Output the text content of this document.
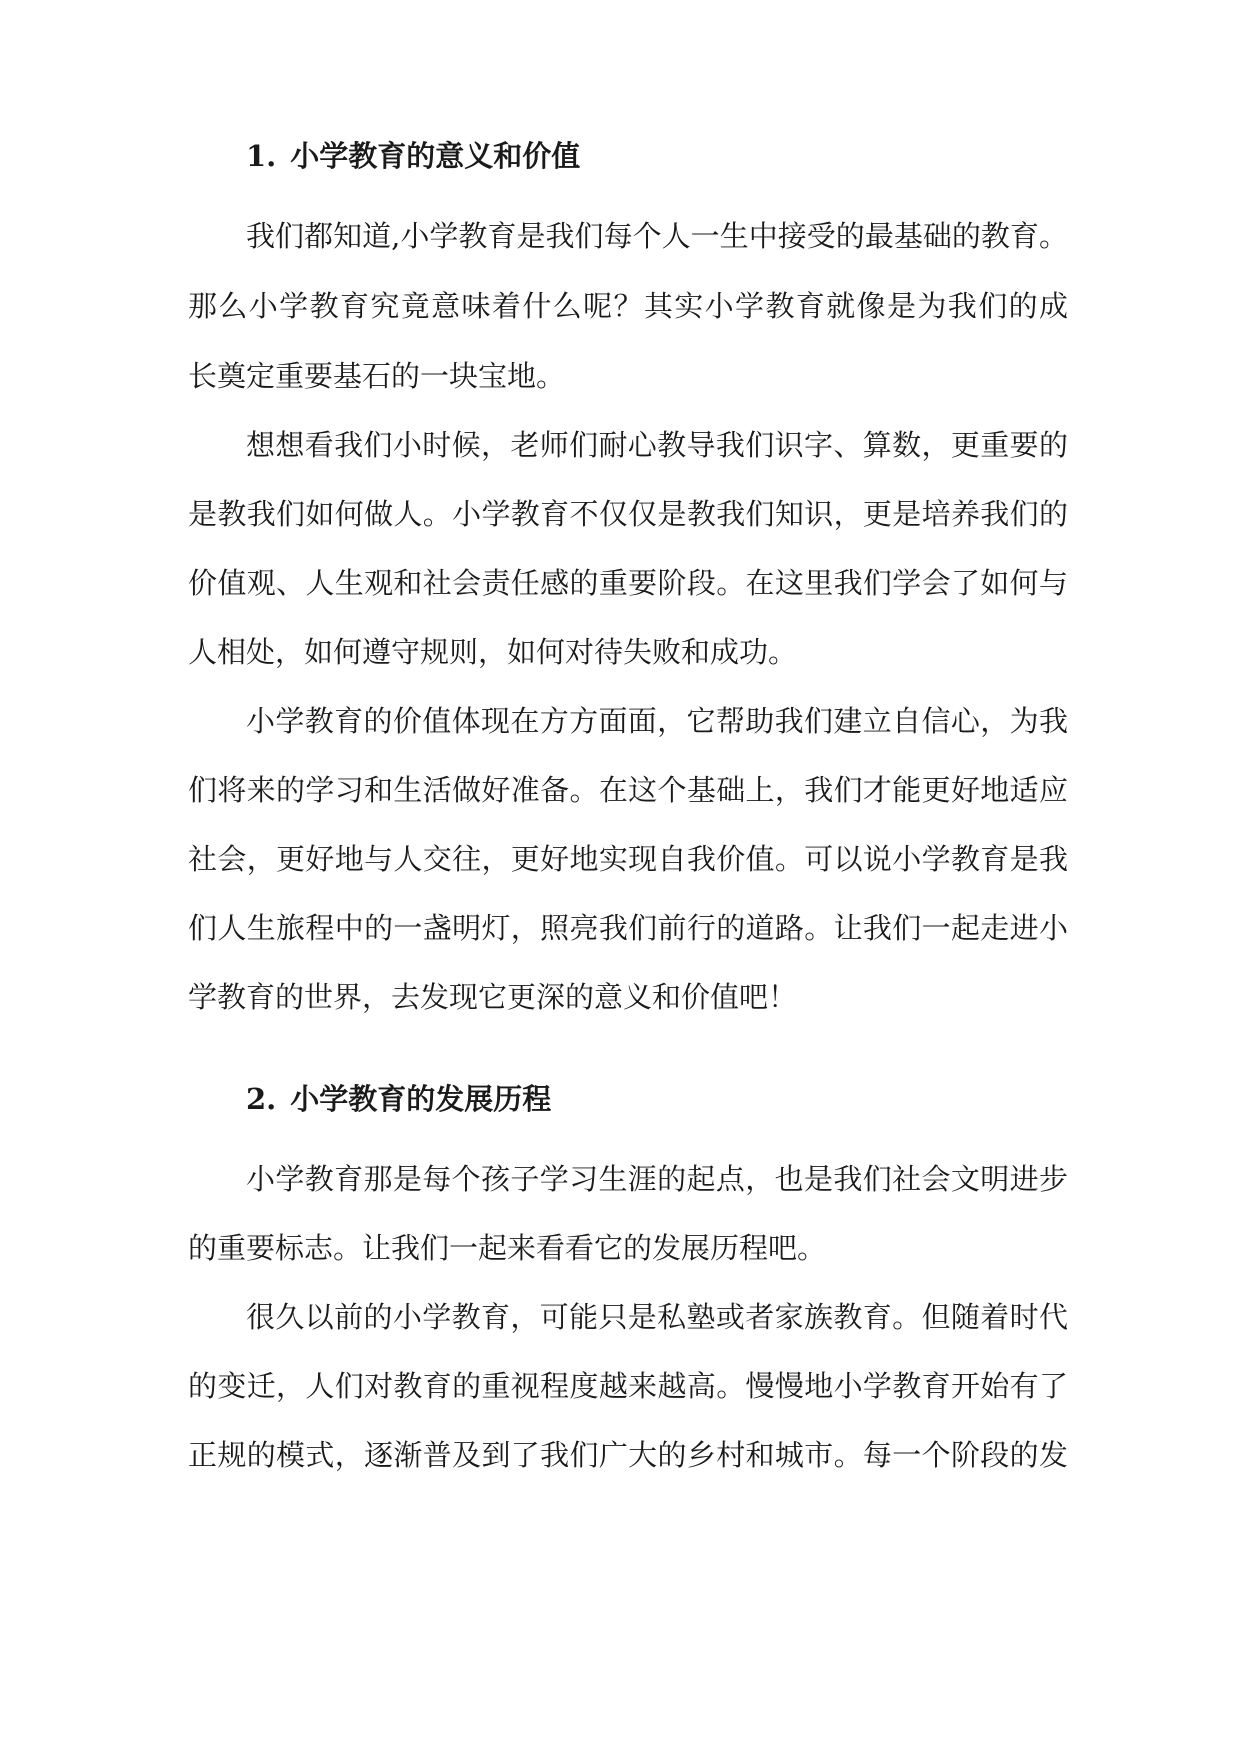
1. 小学教育的意义和价值
我们都知道,小学教育是我们每个人一生中接受的最基础的教育。
那么小学教育究竟意味着什么呢？其实小学教育就像是为我们的成
长奠定重要基石的一块宝地。
想想看我们小时候，老师们耐心教导我们识字、算数，更重要的
是教我们如何做人。小学教育不仅仅是教我们知识，更是培养我们的
价值观、人生观和社会责任感的重要阶段。在这里我们学会了如何与
人相处，如何遵守规则，如何对待失败和成功。
小学教育的价值体现在方方面面，它帮助我们建立自信心，为我
们将来的学习和生活做好准备。在这个基础上，我们才能更好地适应
社会，更好地与人交往，更好地实现自我价值。可以说小学教育是我
们人生旅程中的一盏明灯，照亮我们前行的道路。让我们一起走进小
学教育的世界，去发现它更深的意义和价值吧！
2. 小学教育的发展历程
小学教育那是每个孩子学习生涯的起点，也是我们社会文明进步
的重要标志。让我们一起来看看它的发展历程吧。
很久以前的小学教育，可能只是私塾或者家族教育。但随着时代
的变迁，人们对教育的重视程度越来越高。慢慢地小学教育开始有了
正规的模式，逐渐普及到了我们广大的乡村和城市。每一个阶段的发
